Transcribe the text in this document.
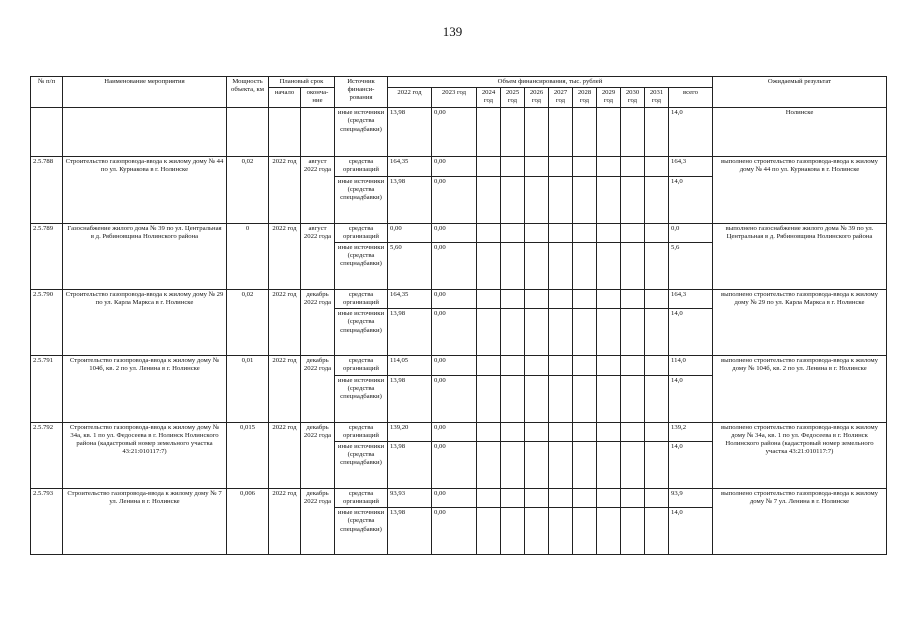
139
№ п/п	Наименование мероприятия	Мощность объекта, км	Плановый срок		Источник финанси-рования	Объем финансирования, тыс. рублей											Ожидаемый результат
			начало	оконча-ние		2022 год	2023 год	2024 год	2025 год	2026 год	2027 год	2028 год	2029 год	2030 год	2031 год	всего	
					иные источники (средства спецнадбавки)	13,98	0,00									14,0	Нолинске
2.5.788	Строительство газопровода-ввода к жилому дому № 44 по ул. Курнакова в г. Нолинске	0,02	2022 год	август 2022 года	средства организаций	164,35	0,00									164,3	выполнено строительство газопровода-ввода к жилому дому № 44 по ул. Курнакова в г. Нолинске
					иные источники (средства спецнадбавки)	13,98	0,00									14,0	
2.5.789	Газоснабжение жилого дома № 39 по ул. Центральная в д. Рябиновщина Нолинского района	0	2022 год	август 2022 года	средства организаций	0,00	0,00									0,0	выполнено газоснабжение жилого дома № 39 по ул. Центральная в д. Рябиновщина Нолинского района
					иные источники (средства спецнадбавки)	5,60	0,00									5,6	
2.5.790	Строительство газопровода-ввода к жилому дому № 29 по ул. Карла Маркса в г. Нолинске	0,02	2022 год	декабрь 2022 года	средства организаций	164,35	0,00									164,3	выполнено строительство газопровода-ввода к жилому дому № 29 по ул. Карла Маркса в г. Нолинске
					иные источники (средства спецнадбавки)	13,98	0,00									14,0	
2.5.791	Строительство газопровода-ввода к жилому дому № 104б, кв. 2 по ул. Ленина в г. Нолинске	0,01	2022 год	декабрь 2022 года	средства организаций	114,05	0,00									114,0	выполнено строительство газопровода-ввода к жилому дому № 104б, кв. 2 по ул. Ленина в г. Нолинске
					иные источники (средства спецнадбавки)	13,98	0,00									14,0	
2.5.792	Строительство газопровода-ввода к жилому дому № 34а, кв. 1 по ул. Федосеева в г. Нолинск Нолинского района (кадастровый номер земельного участка 43:21:010117:7)	0,015	2022 год	декабрь 2022 года	средства организаций	139,20	0,00									139,2	выполнено строительство газопровода-ввода к жилому дому № 34а, кв. 1 по ул. Федосеева в г. Нолинск Нолинского района (кадастровый номер земельного участка 43:21:010117:7)
					иные источники (средства спецнадбавки)	13,98	0,00									14,0	
2.5.793	Строительство газопровода-ввода к жилому дому № 7 ул. Ленина в г. Нолинске	0,006	2022 год	декабрь 2022 года	средства организаций	93,93	0,00									93,9	выполнено строительство газопровода-ввода к жилому дому № 7 ул. Ленина в г. Нолинске
					иные источники (средства спецнадбавки)	13,98	0,00									14,0	
